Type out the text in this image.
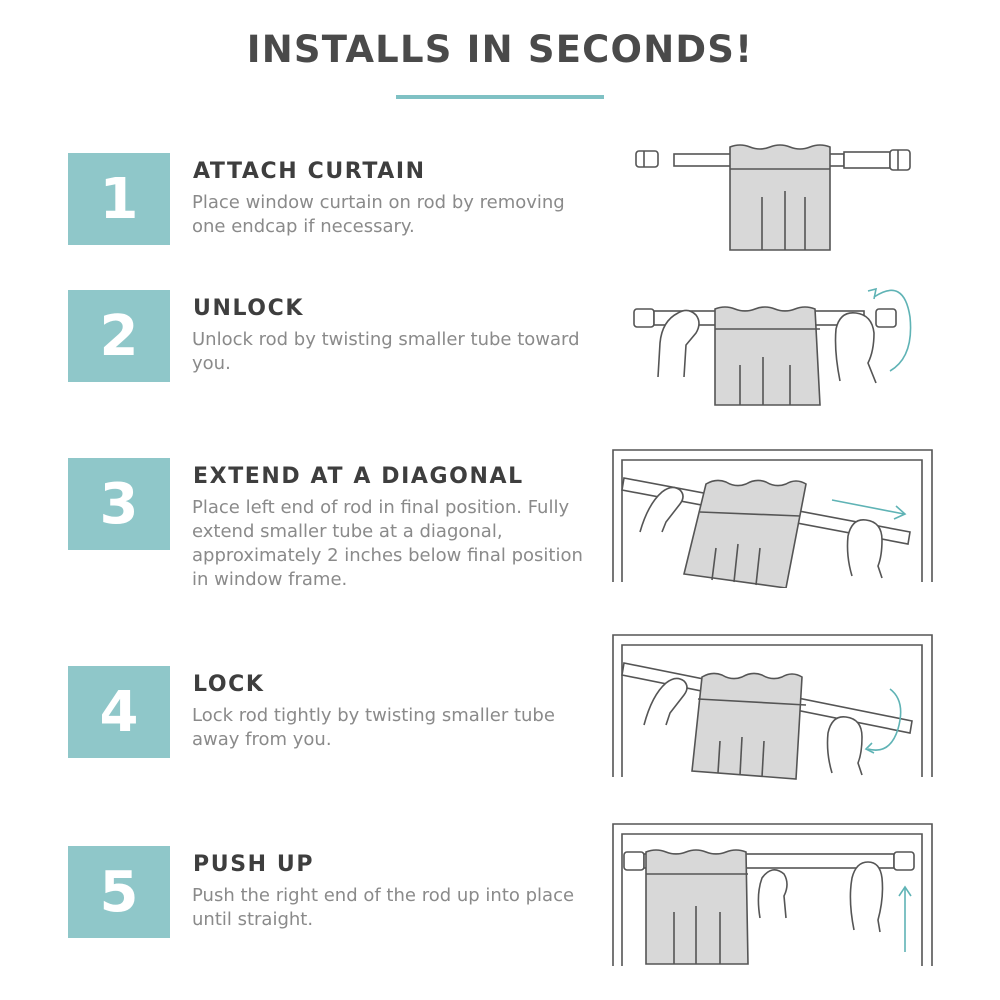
INSTALLS IN SECONDS!
1	ATTACH CURTAIN
Place window curtain on rod by removing one endcap if necessary.
2	UNLOCK
Unlock rod by twisting smaller tube toward you.
3	EXTEND AT A DIAGONAL
Place left end of rod in final position. Fully extend smaller tube at a diagonal, approximately 2 inches below final position in window frame.
4	LOCK
Lock rod tightly by twisting smaller tube away from you.
5	PUSH UP
Push the right end of the rod up into place until straight.
